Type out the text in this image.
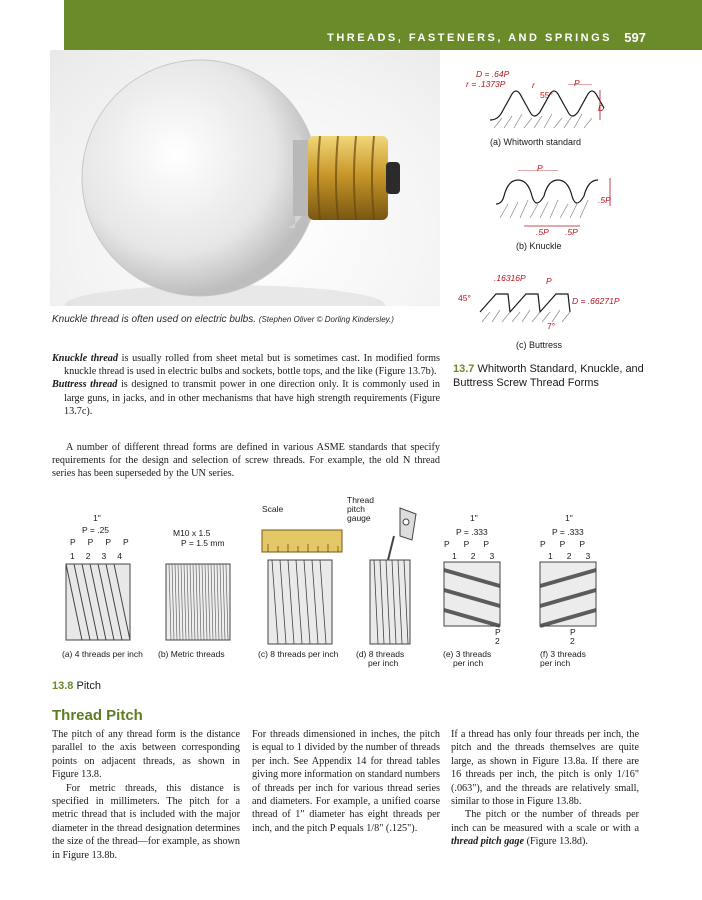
THREADS, FASTENERS, AND SPRINGS 597
Knuckle thread is often used on electric bulbs. (Stephen Oliver © Dorling Kindersley.)
D = .64P
r = .1373P	r
55°
P
D
(a) Whitworth standard
P
.5P
.5P .5P
(b) Knuckle
.16316P P
45°	D = .66271P
7°
(c) Buttress
13.7 Whitworth Standard, Knuckle, and Buttress Screw Thread Forms

Knuckle thread is usually rolled from sheet metal but is sometimes cast. In modified forms knuckle thread is used in electric bulbs and sockets, bottle tops, and the like (Figure 13.7b).

Buttress thread is designed to transmit power in one direction only. It is commonly used in large guns, in jacks, and in other mechanisms that have high strength requirements (Figure 13.7c).

A number of different thread forms are defined in various ASME standards that specify requirements for the design and selection of screw threads. For example, the old N thread series has been superseded by the UN series.
1"
P = .25
PPPP
1234
(a) 4 threads per inch
M10 x 1.5
P = 1.5 mm
(b) Metric threads
Scale
(c) 8 threads per inch
Thread pitch gauge
(d) 8 threads
per inch
1"
P = .333
PPP
123
P
2
(e) 3 threads
per inch
1"
P = .333
PPP
123
P
2
(f) 3 threads
per inch
13.8 Pitch
Thread Pitch

The pitch of any thread form is the distance parallel to the axis between corresponding points on adjacent threads, as shown in Figure 13.8.

For metric threads, this distance is specified in millimeters. The pitch for a metric thread that is included with the major diameter in the thread designation determines the size of the thread—for example, as shown in Figure 13.8b.

For threads dimensioned in inches, the pitch is equal to 1 divided by the number of threads per inch. See Appendix 14 for thread tables giving more information on standard numbers of threads per inch for various thread series and diameters. For example, a unified coarse thread of 1" diameter has eight threads per inch, and the pitch P equals 1/8" (.125").

If a thread has only four threads per inch, the pitch and the threads themselves are quite large, as shown in Figure 13.8a. If there are 16 threads per inch, the pitch is only 1/16" (.063"), and the threads are relatively small, similar to those in Figure 13.8b.

The pitch or the number of threads per inch can be measured with a scale or with a thread pitch gage (Figure 13.8d).
